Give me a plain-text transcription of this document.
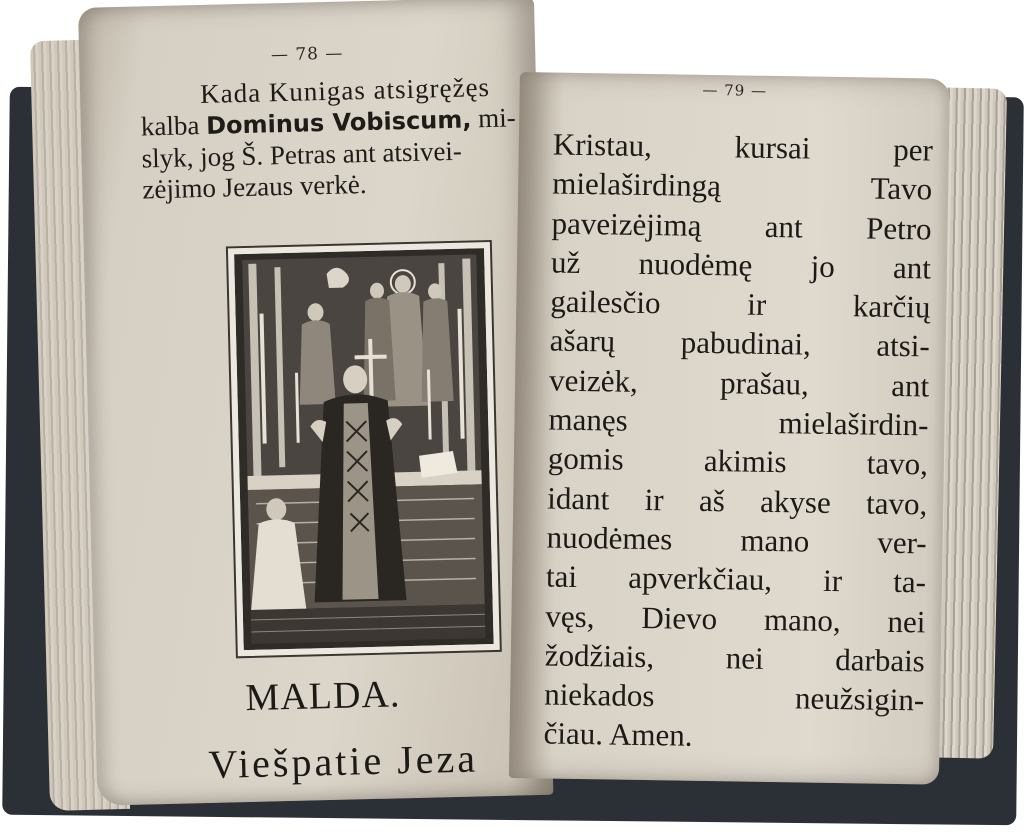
— 78 —
Kada Kunigas atsigręžęs
kalba Dominus Vobiscum, mi-
slyk, jog Š. Petras ant atsivei-
zėjimo Jezaus verkė.
MALDA.
Viešpatie Jeza
— 79 —
Kristau, kursai per
mielaširdingą Tavo
paveizėjimą ant Petro
už nuodėmę jo ant
gailesčio ir karčių
ašarų pabudinai, atsi-
veizėk, prašau, ant
manęs mielaširdin-
gomis akimis tavo,
idant ir aš akyse tavo,
nuodėmes mano ver-
tai apverkčiau, ir ta-
vęs, Dievo mano, nei
žodžiais, nei darbais
niekados neužsigin-
čiau. Amen.
